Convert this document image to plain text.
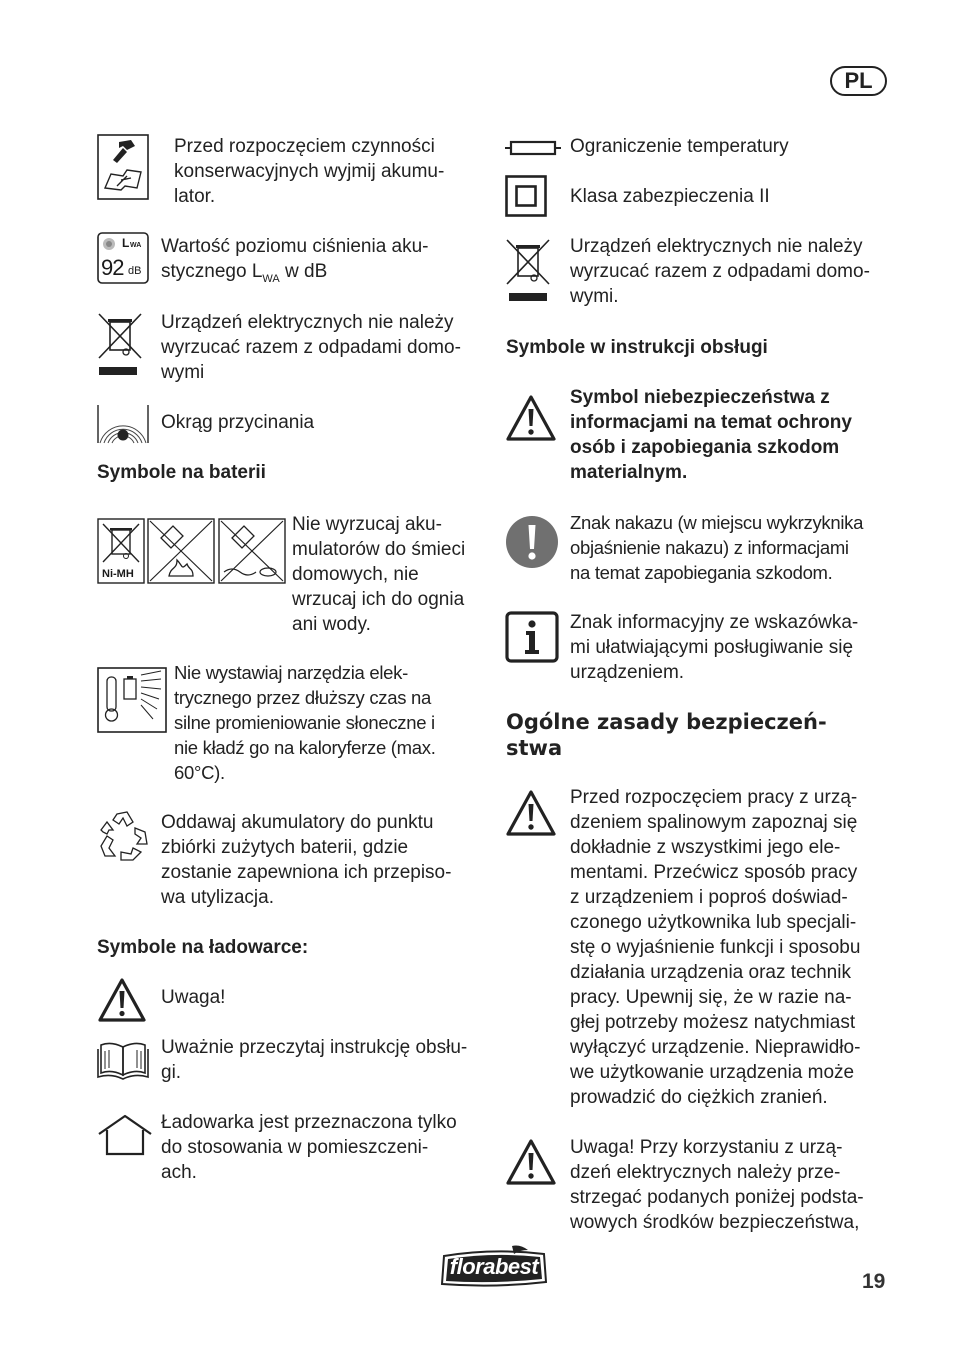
PL
Przed rozpoczęciem czynności
konserwacyjnych wyjmij akumu-
lator.
L WA
92 dB
Wartość poziomu ciśnienia aku-
stycznego $L_{WA}$ w dB
Urządzeń elektrycznych nie należy
wyrzucać razem z odpadami domo-
wymi
Okrąg przycinania
Symbole na baterii
Ni-MH
Nie wyrzucaj aku-
mulatorów do śmieci
domowych, nie
wrzucaj ich do ognia
ani wody.
Nie wystawiaj narzędzia elek-
trycznego przez dłuższy czas na
silne promieniowanie słoneczne i
nie kładź go na kaloryferze (max.
60°C).
Oddawaj akumulatory do punktu
zbiórki zużytych baterii, gdzie
zostanie zapewniona ich przepiso-
wa utylizacja.
Symbole na ładowarce:
Uwaga!
Uważnie przeczytaj instrukcję obsłu-
gi.
Ładowarka jest przeznaczona tylko
do stosowania w pomieszczeni-
ach.
Ograniczenie temperatury
Klasa zabezpieczenia II
Urządzeń elektrycznych nie należy
wyrzucać razem z odpadami domo-
wymi.
Symbole w instrukcji obsługi
Symbol niebezpieczeństwa z
informacjami na temat ochrony
osób i zapobiegania szkodom
materialnym.
Znak nakazu (w miejscu wykrzyknika
objaśnienie nakazu) z informacjami
na temat zapobiegania szkodom.
Znak informacyjny ze wskazówka-
mi ułatwiającymi posługiwanie się
urządzeniem.
Ogólne zasady bezpieczeń-
stwa
Przed rozpoczęciem pracy z urzą-
dzeniem spalinowym zapoznaj się
dokładnie z wszystkimi jego ele-
mentami. Przećwicz sposób pracy
z urządzeniem i poproś doświad-
czonego użytkownika lub specjali-
stę o wyjaśnienie funkcji i sposobu
działania urządzenia oraz technik
pracy. Upewnij się, że w razie na-
głej potrzeby możesz natychmiast
wyłączyć urządzenie. Nieprawidło-
we użytkowanie urządzenia może
prowadzić do ciężkich zranień.
Uwaga! Przy korzystaniu z urzą-
dzeń elektrycznych należy prze-
strzegać podanych poniżej podsta-
wowych środków bezpieczeństwa,
florabest
19
